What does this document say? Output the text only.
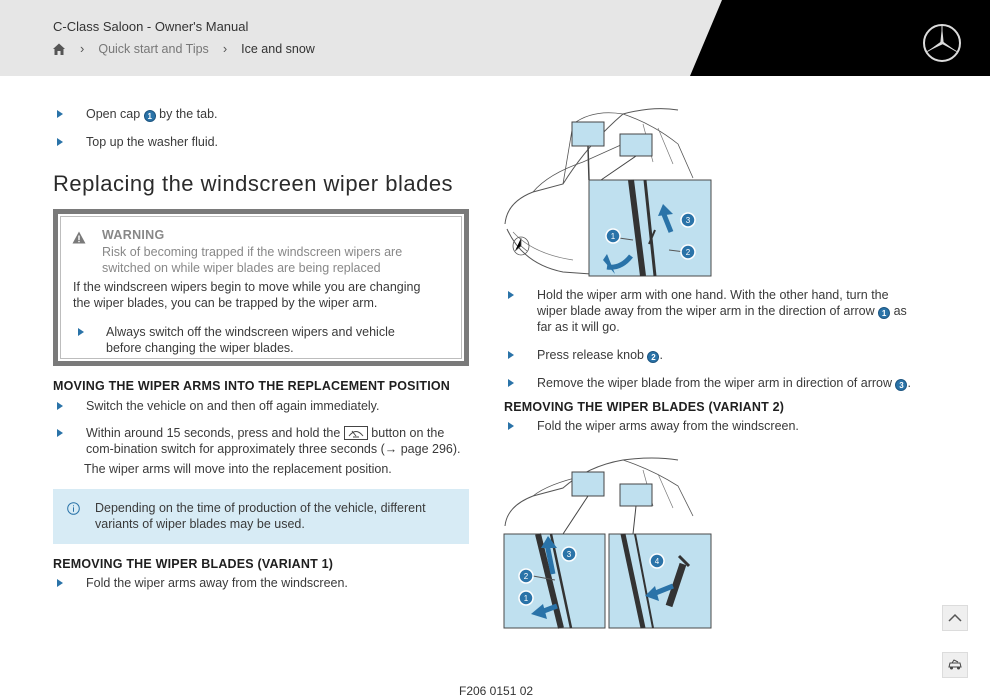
C-Class Saloon - Owner's Manual
› Quick start and Tips › Ice and snow
Open cap 1 by the tab.
Top up the washer fluid.
Replacing the windscreen wiper blades
WARNING
Risk of becoming trapped if the windscreen wipers are switched on while wiper blades are being replaced
If the windscreen wipers begin to move while you are changing the wiper blades, you can be trapped by the wiper arm.
Always switch off the windscreen wipers and vehicle before changing the wiper blades.
MOVING THE WIPER ARMS INTO THE REPLACEMENT POSITION
Switch the vehicle on and then off again immediately.
Within around 15 seconds, press and hold the  button on the com-bination switch for approximately three seconds (→ page 296).
The wiper arms will move into the replacement position.
Depending on the time of production of the vehicle, different variants of wiper blades may be used.
REMOVING THE WIPER BLADES (VARIANT 1)
Fold the wiper arms away from the windscreen.
1
2
3
Hold the wiper arm with one hand. With the other hand, turn the wiper blade away from the wiper arm in the direction of arrow 1 as far as it will go.
Press release knob 2 .
Remove the wiper blade from the wiper arm in direction of arrow 3 .
REMOVING THE WIPER BLADES (VARIANT 2)
Fold the wiper arms away from the windscreen.
1
2
3
4
F206 0151 02
